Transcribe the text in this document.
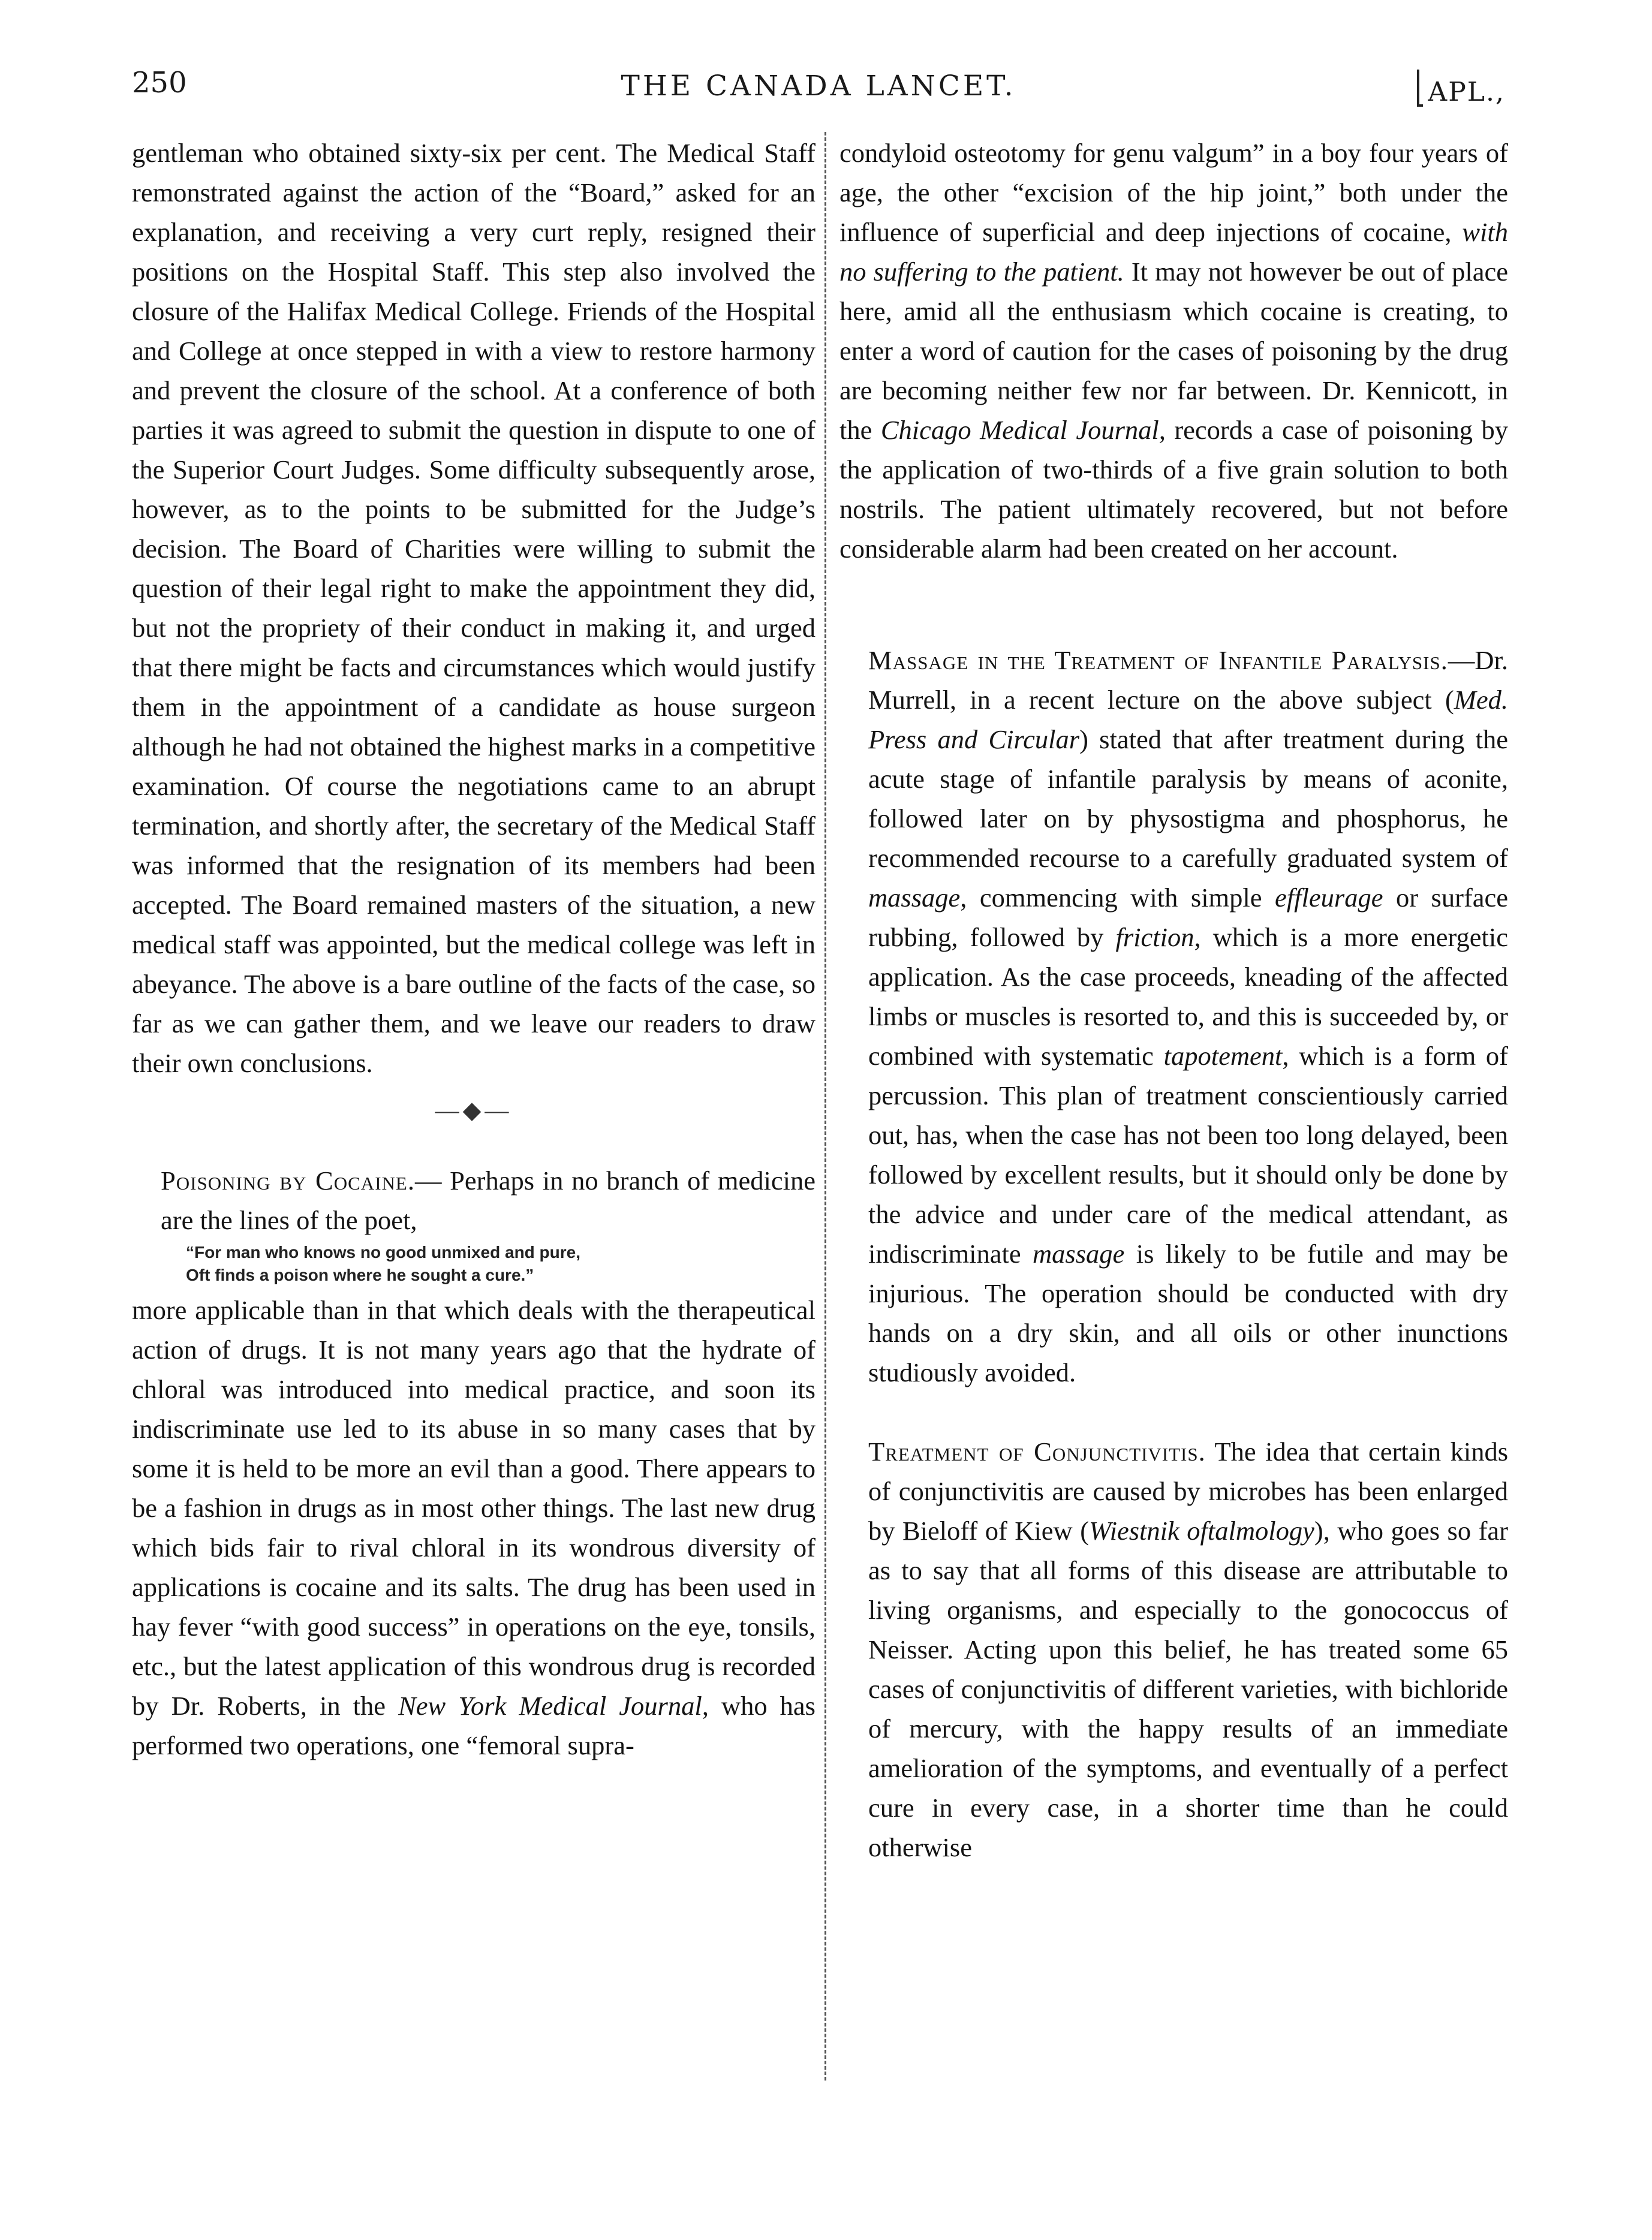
250	THE CANADA LANCET.	APL.,

gentleman who obtained sixty-six per cent. The Medical Staff remonstrated against the action of the “Board,” asked for an explanation, and receiving a very curt reply, resigned their positions on the Hospital Staff. This step also involved the closure of the Halifax Medical College. Friends of the Hospital and College at once stepped in with a view to restore harmony and prevent the closure of the school. At a conference of both parties it was agreed to submit the question in dispute to one of the Superior Court Judges. Some difficulty subsequently arose, however, as to the points to be submitted for the Judge’s decision. The Board of Charities were willing to submit the question of their legal right to make the appointment they did, but not the propriety of their conduct in making it, and urged that there might be facts and circumstances which would justify them in the appointment of a candidate as house surgeon although he had not obtained the highest marks in a competitive examination. Of course the negotiations came to an abrupt termination, and shortly after, the secretary of the Medical Staff was informed that the resignation of its members had been accepted. The Board remained masters of the situation, a new medical staff was appointed, but the medical college was left in abeyance. The above is a bare outline of the facts of the case, so far as we can gather them, and we leave our readers to draw their own conclusions.

—◆—

Poisoning by Cocaine.— Perhaps in no branch of medicine are the lines of the poet,

“For man who knows no good unmixed and pure,
Oft finds a poison where he sought a cure.”

more applicable than in that which deals with the therapeutical action of drugs. It is not many years ago that the hydrate of chloral was introduced into medical practice, and soon its indiscriminate use led to its abuse in so many cases that by some it is held to be more an evil than a good. There appears to be a fashion in drugs as in most other things. The last new drug which bids fair to rival chloral in its wondrous diversity of applications is cocaine and its salts. The drug has been used in hay fever “with good success” in operations on the eye, tonsils, etc., but the latest application of this wondrous drug is recorded by Dr. Roberts, in the New York Medical Journal, who has performed two operations, one “femoral supra-

condyloid osteotomy for genu valgum” in a boy four years of age, the other “excision of the hip joint,” both under the influence of superficial and deep injections of cocaine, with no suffering to the patient. It may not however be out of place here, amid all the enthusiasm which cocaine is creating, to enter a word of caution for the cases of poisoning by the drug are becoming neither few nor far between. Dr. Kennicott, in the Chicago Medical Journal, records a case of poisoning by the application of two-thirds of a five grain solution to both nostrils. The patient ultimately recovered, but not before considerable alarm had been created on her account.

Massage in the Treatment of Infantile Paralysis.—Dr. Murrell, in a recent lecture on the above subject (Med. Press and Circular) stated that after treatment during the acute stage of infantile paralysis by means of aconite, followed later on by physostigma and phosphorus, he recommended recourse to a carefully graduated system of massage, commencing with simple effleurage or surface rubbing, followed by friction, which is a more energetic application. As the case proceeds, kneading of the affected limbs or muscles is resorted to, and this is succeeded by, or combined with systematic tapotement, which is a form of percussion. This plan of treatment conscientiously carried out, has, when the case has not been too long delayed, been followed by excellent results, but it should only be done by the advice and under care of the medical attendant, as indiscriminate massage is likely to be futile and may be injurious. The operation should be conducted with dry hands on a dry skin, and all oils or other inunctions studiously avoided.

Treatment of Conjunctivitis. The idea that certain kinds of conjunctivitis are caused by microbes has been enlarged by Bieloff of Kiew (Wiestnik oftalmology), who goes so far as to say that all forms of this disease are attributable to living organisms, and especially to the gonococcus of Neisser. Acting upon this belief, he has treated some 65 cases of conjunctivitis of different varieties, with bichloride of mercury, with the happy results of an immediate amelioration of the symptoms, and eventually of a perfect cure in every case, in a shorter time than he could otherwise
